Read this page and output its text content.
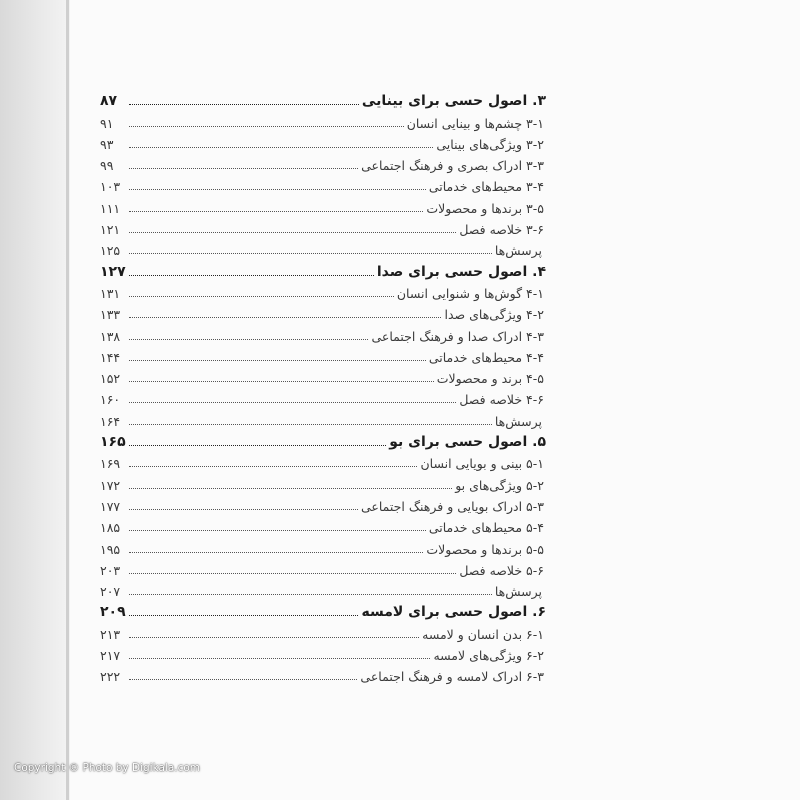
۳. اصول حسی برای بینایی
۸۷
۳-۱ چشم‌ها و بینایی انسان
۹۱
۳-۲ ویژگی‌های بینایی
۹۳
۳-۳ ادراک بصری و فرهنگ اجتماعی
۹۹
۳-۴ محیط‌های خدماتی
۱۰۳
۳-۵ برندها و محصولات
۱۱۱
۳-۶ خلاصه فصل
۱۲۱
پرسش‌ها
۱۲۵
۴. اصول حسی برای صدا
۱۲۷
۴-۱ گوش‌ها و شنوایی انسان
۱۳۱
۴-۲ ویژگی‌های صدا
۱۳۳
۴-۳ ادراک صدا و فرهنگ اجتماعی
۱۳۸
۴-۴ محیط‌های خدماتی
۱۴۴
۴-۵ برند و محصولات
۱۵۲
۴-۶ خلاصه فصل
۱۶۰
پرسش‌ها
۱۶۴
۵. اصول حسی برای بو
۱۶۵
۵-۱ بینی و بویایی انسان
۱۶۹
۵-۲ ویژگی‌های بو
۱۷۲
۵-۳ ادراک بویایی و فرهنگ اجتماعی
۱۷۷
۵-۴ محیط‌های خدماتی
۱۸۵
۵-۵ برندها و محصولات
۱۹۵
۵-۶ خلاصه فصل
۲۰۳
پرسش‌ها
۲۰۷
۶. اصول حسی برای لامسه
۲۰۹
۶-۱ بدن انسان و لامسه
۲۱۳
۶-۲ ویژگی‌های لامسه
۲۱۷
۶-۳ ادراک لامسه و فرهنگ اجتماعی
۲۲۲
Copyright © Photo by Digikala.com
